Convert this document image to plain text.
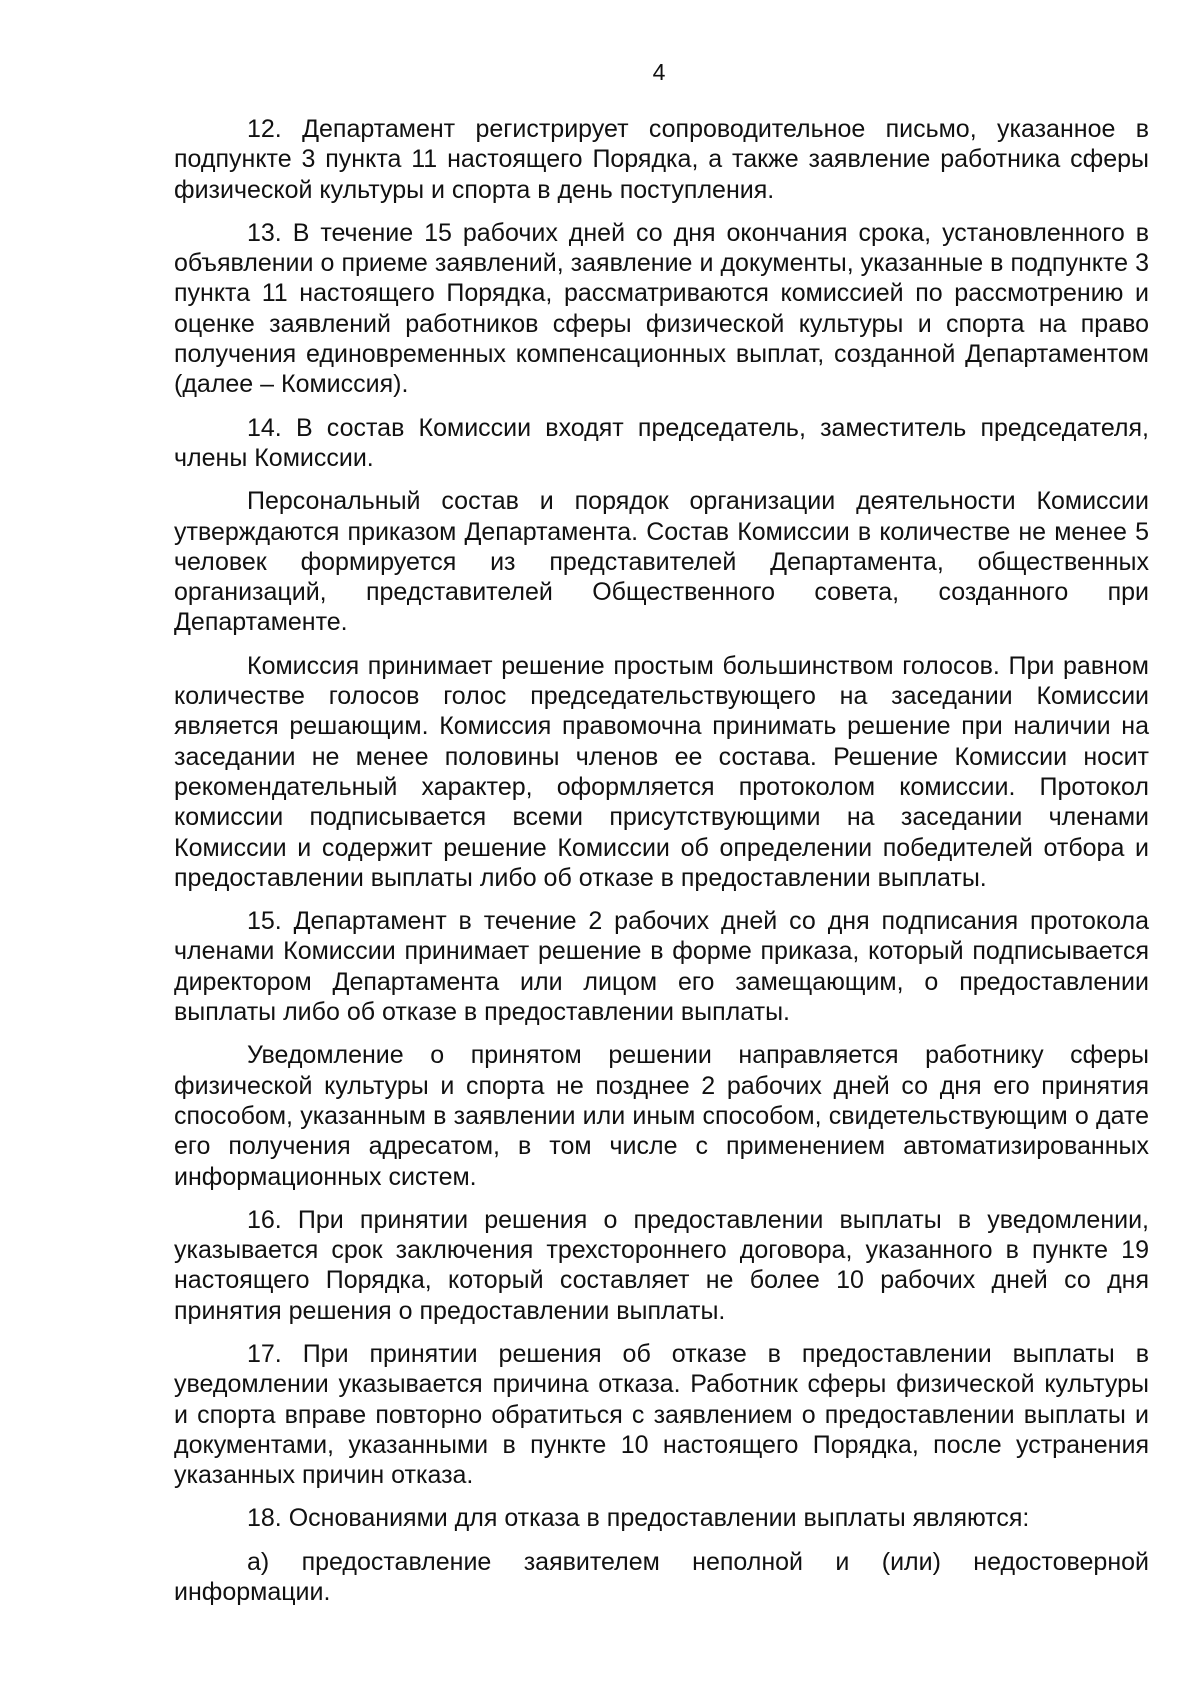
4

12. Департамент регистрирует сопроводительное письмо, указанное в подпункте 3 пункта 11 настоящего Порядка, а также заявление работника сферы физической культуры и спорта в день поступления.

13. В течение 15 рабочих дней со дня окончания срока, установленного в объявлении о приеме заявлений, заявление и документы, указанные в подпункте 3 пункта 11 настоящего Порядка, рассматриваются комиссией по рассмотрению и оценке заявлений работников сферы физической культуры и спорта на право получения единовременных компенсационных выплат, созданной Департаментом (далее – Комиссия).

14. В состав Комиссии входят председатель, заместитель председателя, члены Комиссии.

Персональный состав и порядок организации деятельности Комиссии утверждаются приказом Департамента. Состав Комиссии в количестве не менее 5 человек формируется из представителей Департамента, общественных организаций, представителей Общественного совета, созданного при Департаменте.

Комиссия принимает решение простым большинством голосов. При равном количестве голосов голос председательствующего на заседании Комиссии является решающим. Комиссия правомочна принимать решение при наличии на заседании не менее половины членов ее состава. Решение Комиссии носит рекомендательный характер, оформляется протоколом комиссии. Протокол комиссии подписывается всеми присутствующими на заседании членами Комиссии и содержит решение Комиссии об определении победителей отбора и предоставлении выплаты либо об отказе в предоставлении выплаты.

15. Департамент в течение 2 рабочих дней со дня подписания протокола членами Комиссии принимает решение в форме приказа, который подписывается директором Департамента или лицом его замещающим, о предоставлении выплаты либо об отказе в предоставлении выплаты.

Уведомление о принятом решении направляется работнику сферы физической культуры и спорта не позднее 2 рабочих дней со дня его принятия способом, указанным в заявлении или иным способом, свидетельствующим о дате его получения адресатом, в том числе с применением автоматизированных информационных систем.

16. При принятии решения о предоставлении выплаты в уведомлении, указывается срок заключения трехстороннего договора, указанного в пункте 19 настоящего Порядка, который составляет не более 10 рабочих дней со дня принятия решения о предоставлении выплаты.

17. При принятии решения об отказе в предоставлении выплаты в уведомлении указывается причина отказа. Работник сферы физической культуры и спорта вправе повторно обратиться с заявлением о предоставлении выплаты и документами, указанными в пункте 10 настоящего Порядка, после устранения указанных причин отказа.

18. Основаниями для отказа в предоставлении выплаты являются:

а) предоставление заявителем неполной и (или) недостоверной информации.
